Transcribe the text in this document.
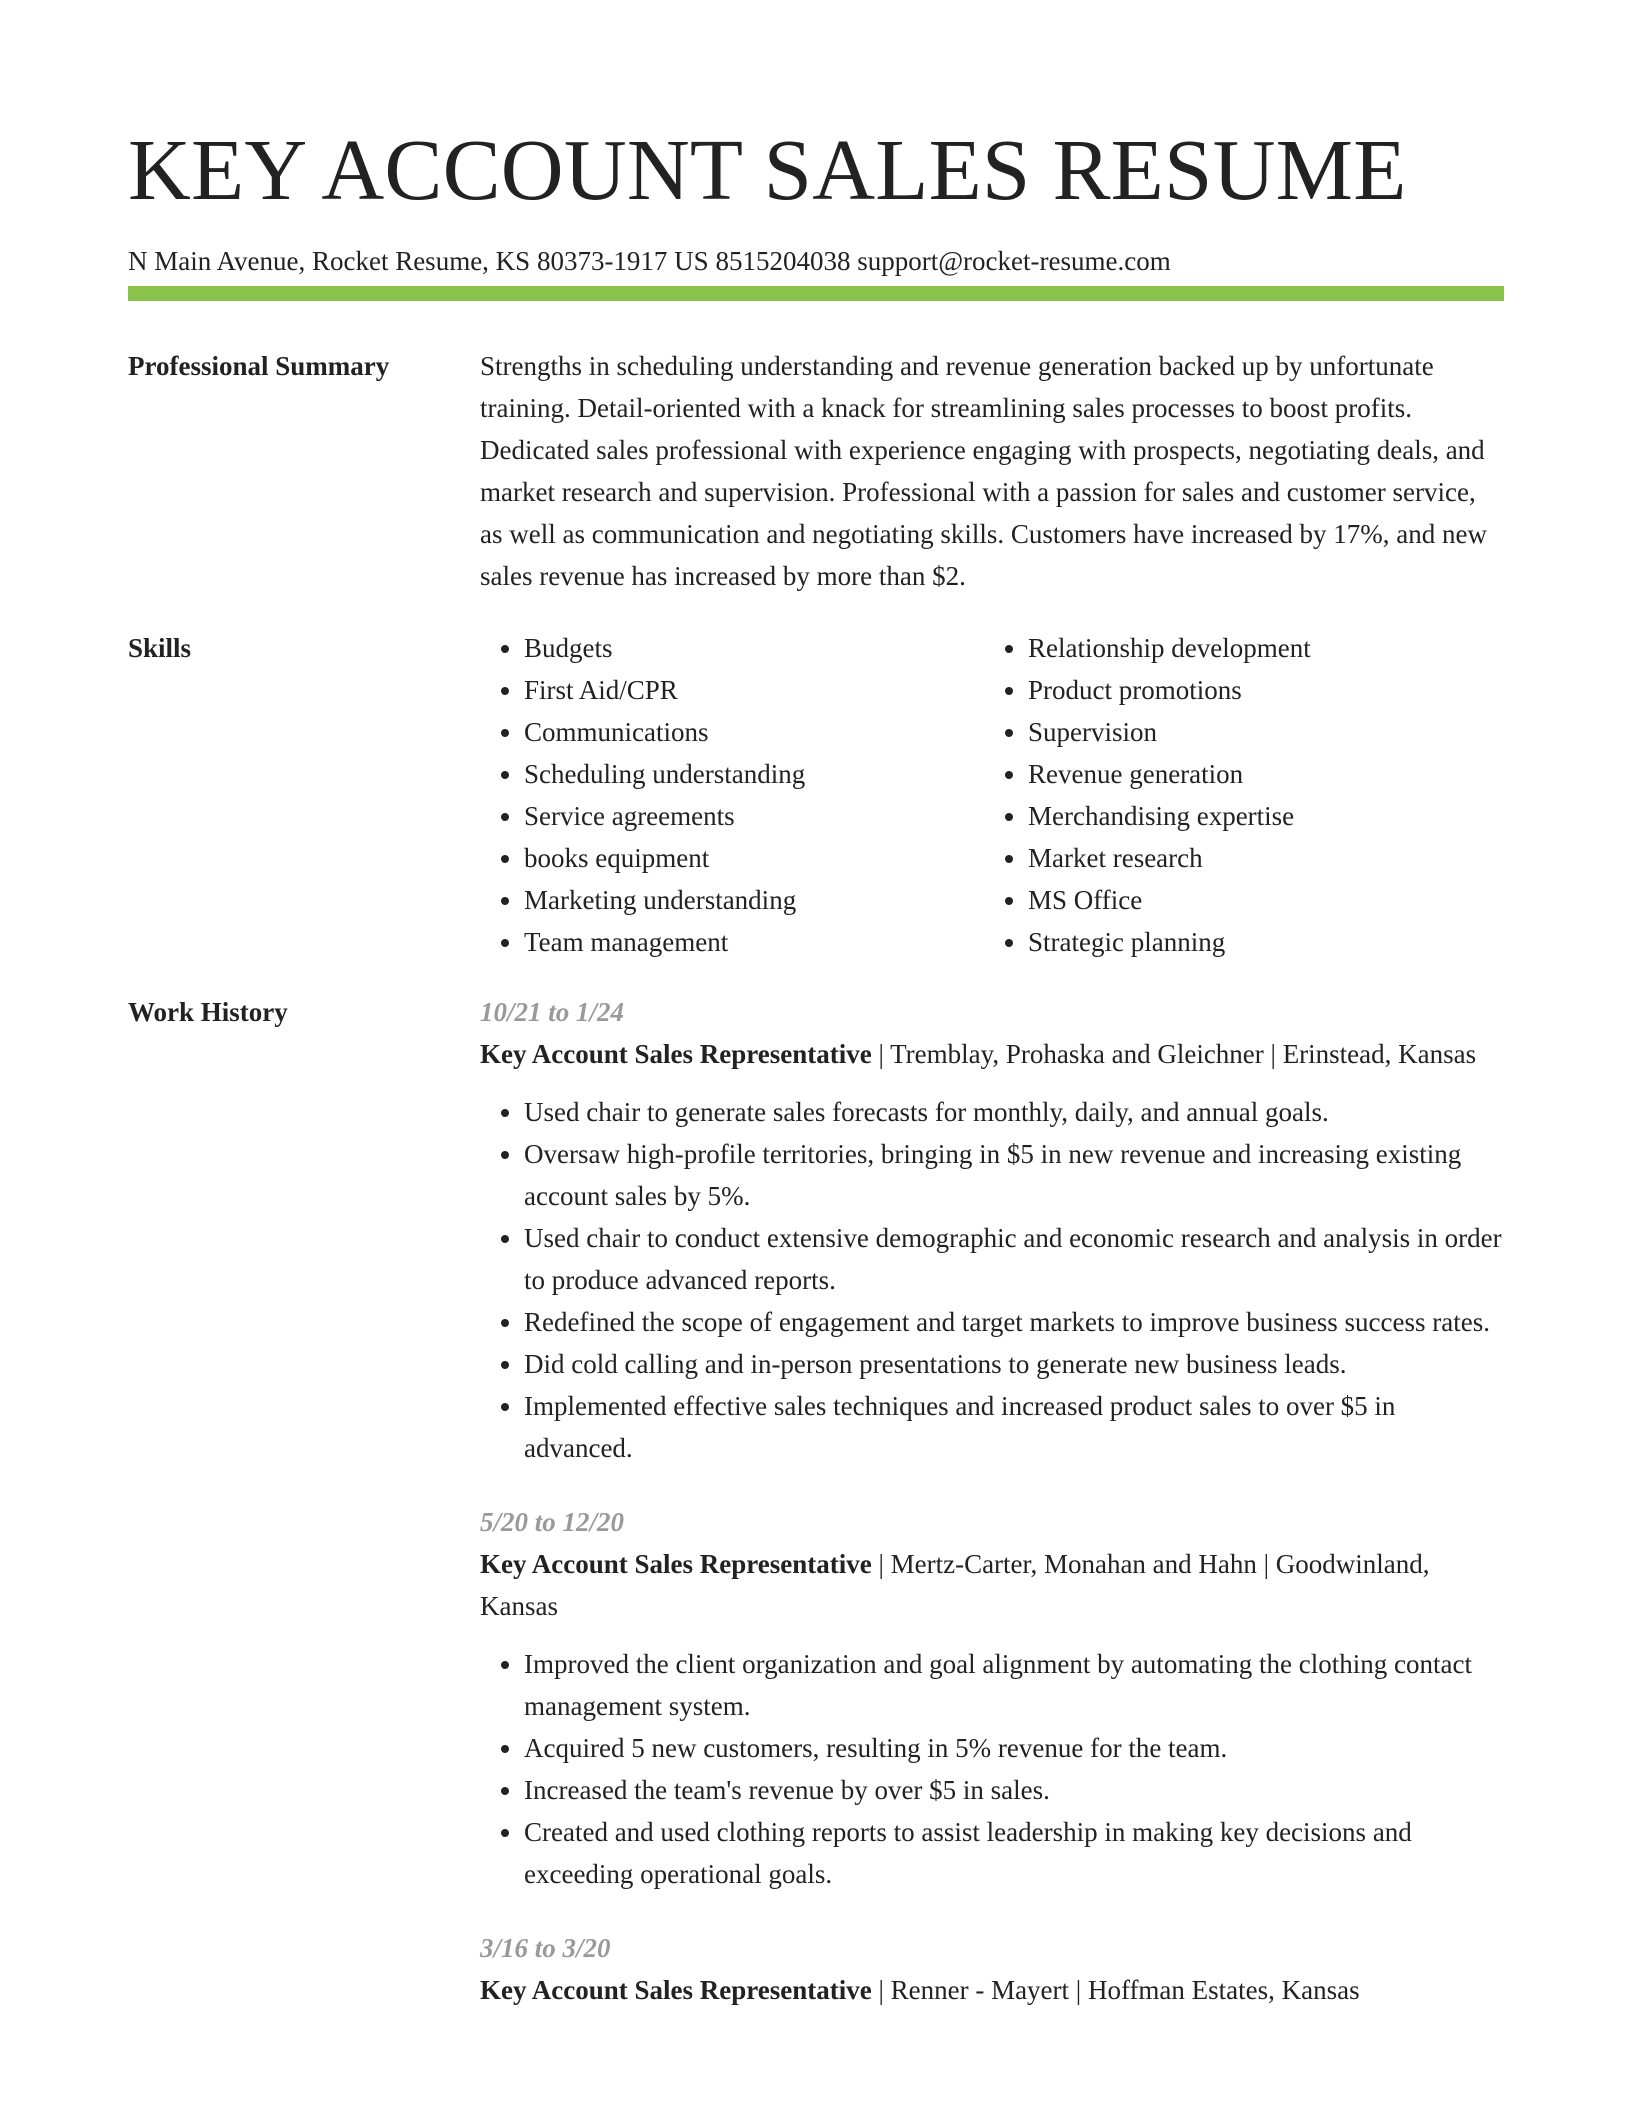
KEY ACCOUNT SALES RESUME
N Main Avenue, Rocket Resume, KS 80373-1917 US 8515204038 support@rocket-resume.com
Professional Summary	Strengths in scheduling understanding and revenue generation backed up by unfortunate training. Detail-oriented with a knack for streamlining sales processes to boost profits. Dedicated sales professional with experience engaging with prospects, negotiating deals, and market research and supervision. Professional with a passion for sales and customer service, as well as communication and negotiating skills. Customers have increased by 17%, and new sales revenue has increased by more than $2.

Skills
•	Budgets
• First Aid/CPR
• Communications
• Scheduling understanding
• Service agreements
• books equipment
• Marketing understanding
• Team management
• Relationship development
• Product promotions
• Supervision
• Revenue generation
• Merchandising expertise
• Market research
• MS Office
• Strategic planning
Work History	10/21 to 1/24
Key Account Sales Representative | Tremblay, Prohaska and Gleichner | Erinstead, Kansas
• Used chair to generate sales forecasts for monthly, daily, and annual goals.
• Oversaw high-profile territories, bringing in $5 in new revenue and increasing existing account sales by 5%.
• Used chair to conduct extensive demographic and economic research and analysis in order to produce advanced reports.
• Redefined the scope of engagement and target markets to improve business success rates.
• Did cold calling and in-person presentations to generate new business leads.
• Implemented effective sales techniques and increased product sales to over $5 in advanced.
5/20 to 12/20
Key Account Sales Representative | Mertz-Carter, Monahan and Hahn | Goodwinland, Kansas
• Improved the client organization and goal alignment by automating the clothing contact management system.
• Acquired 5 new customers, resulting in 5% revenue for the team.
• Increased the team's revenue by over $5 in sales.
• Created and used clothing reports to assist leadership in making key decisions and exceeding operational goals.
3/16 to 3/20
Key Account Sales Representative | Renner - Mayert | Hoffman Estates, Kansas
